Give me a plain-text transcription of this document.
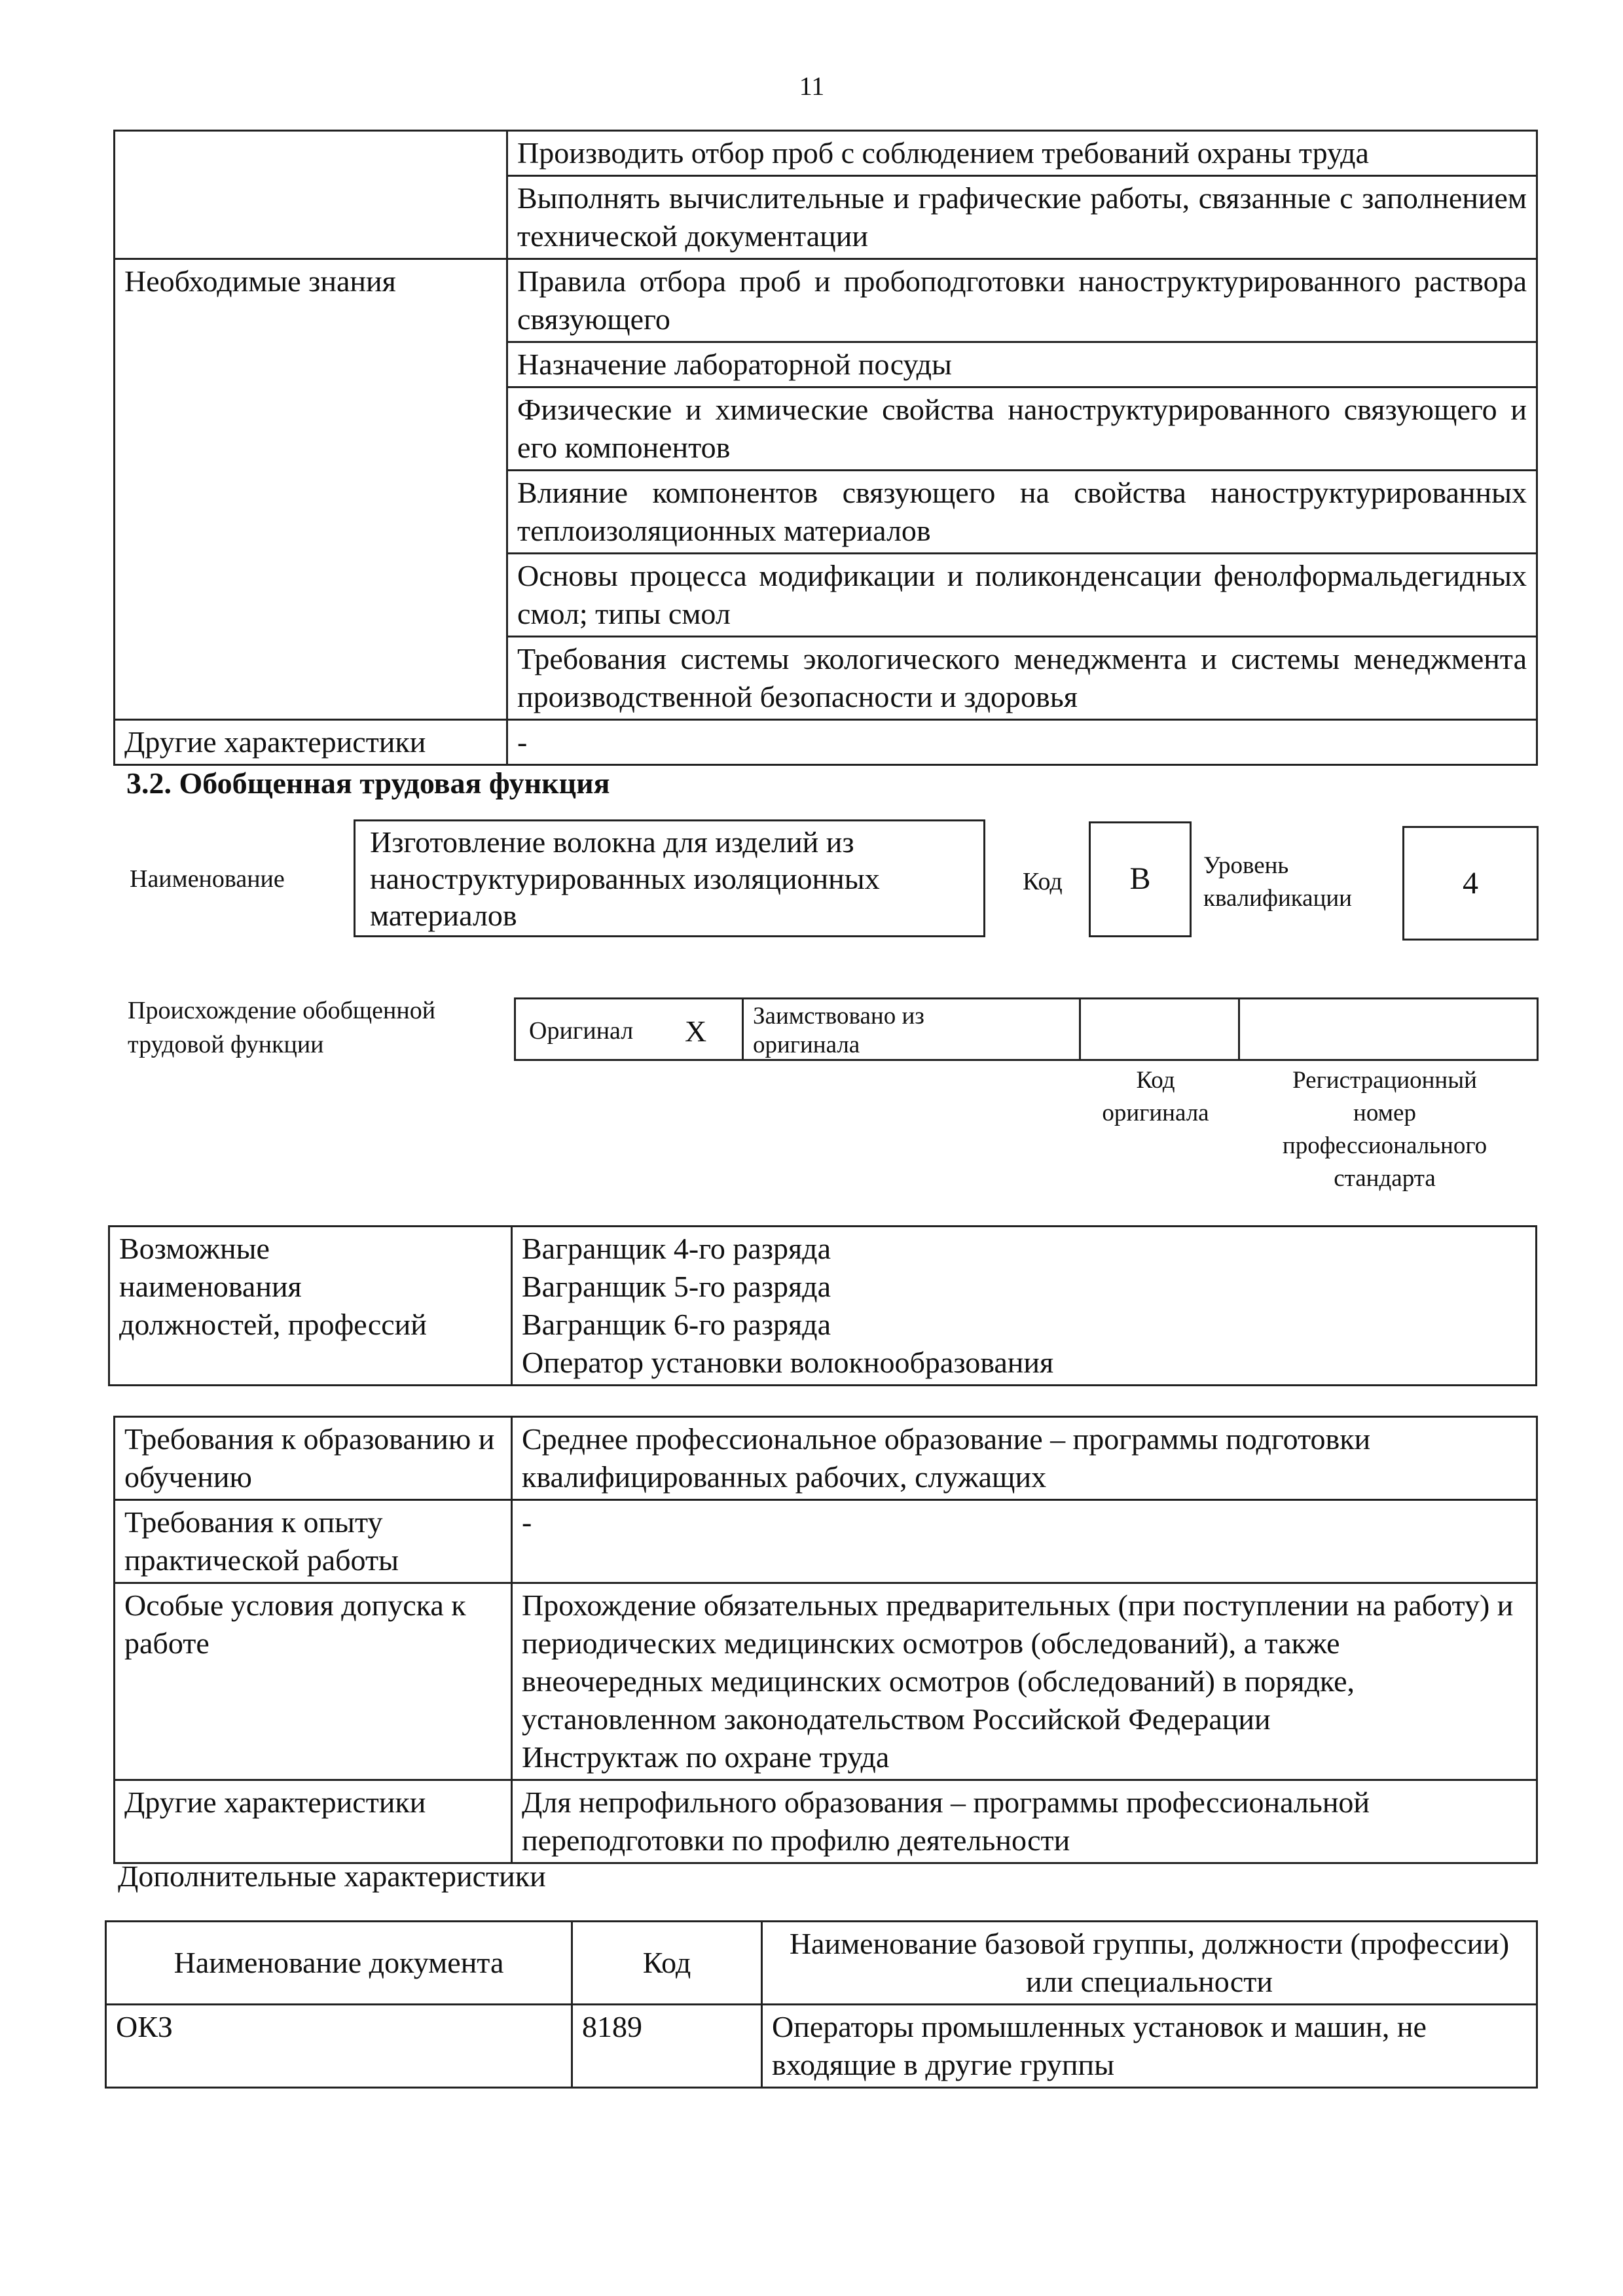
11
	Производить отбор проб с соблюдением требований охраны труда
	Выполнять вычислительные и графические работы, связанные с заполнением технической документации
Необходимые знания	Правила отбора проб и пробоподготовки наноструктурированного раствора связующего
	Назначение лабораторной посуды
	Физические и химические свойства наноструктурированного связующего и его компонентов
	Влияние компонентов связующего на свойства наноструктурированных теплоизоляционных материалов
	Основы процесса модификации и поликонденсации фенолформальдегидных смол; типы смол
	Требования системы экологического менеджмента и системы менеджмента производственной безопасности и здоровья
Другие характеристики	-
3.2. Обобщенная трудовая функция
Наименование
Изготовление волокна для изделий из наноструктурированных изоляционных материалов
Код	В	Уровень
квалификации	4
Происхождение обобщенной
трудовой функции	Оригинал Х	Заимствовано из
оригинала
Код
оригинала
Регистрационный
номер
профессионального
стандарта
Возможные
наименования
должностей, профессий	Вагранщик 4-го разряда
Вагранщик 5-го разряда
Вагранщик 6-го разряда
Оператор установки волокнообразования
Требования к образованию и обучению	Среднее профессиональное образование – программы подготовки квалифицированных рабочих, служащих
Требования к опыту практической работы	-
Особые условия допуска к работе	Прохождение обязательных предварительных (при поступлении на работу) и периодических медицинских осмотров (обследований), а также внеочередных медицинских осмотров (обследований) в порядке, установленном законодательством Российской Федерации
Инструктаж по охране труда
Другие характеристики	Для непрофильного образования – программы профессиональной переподготовки по профилю деятельности
Дополнительные характеристики
Наименование документа	Код	Наименование базовой группы, должности (профессии) или специальности
ОКЗ	8189	Операторы промышленных установок и машин, не входящие в другие группы
